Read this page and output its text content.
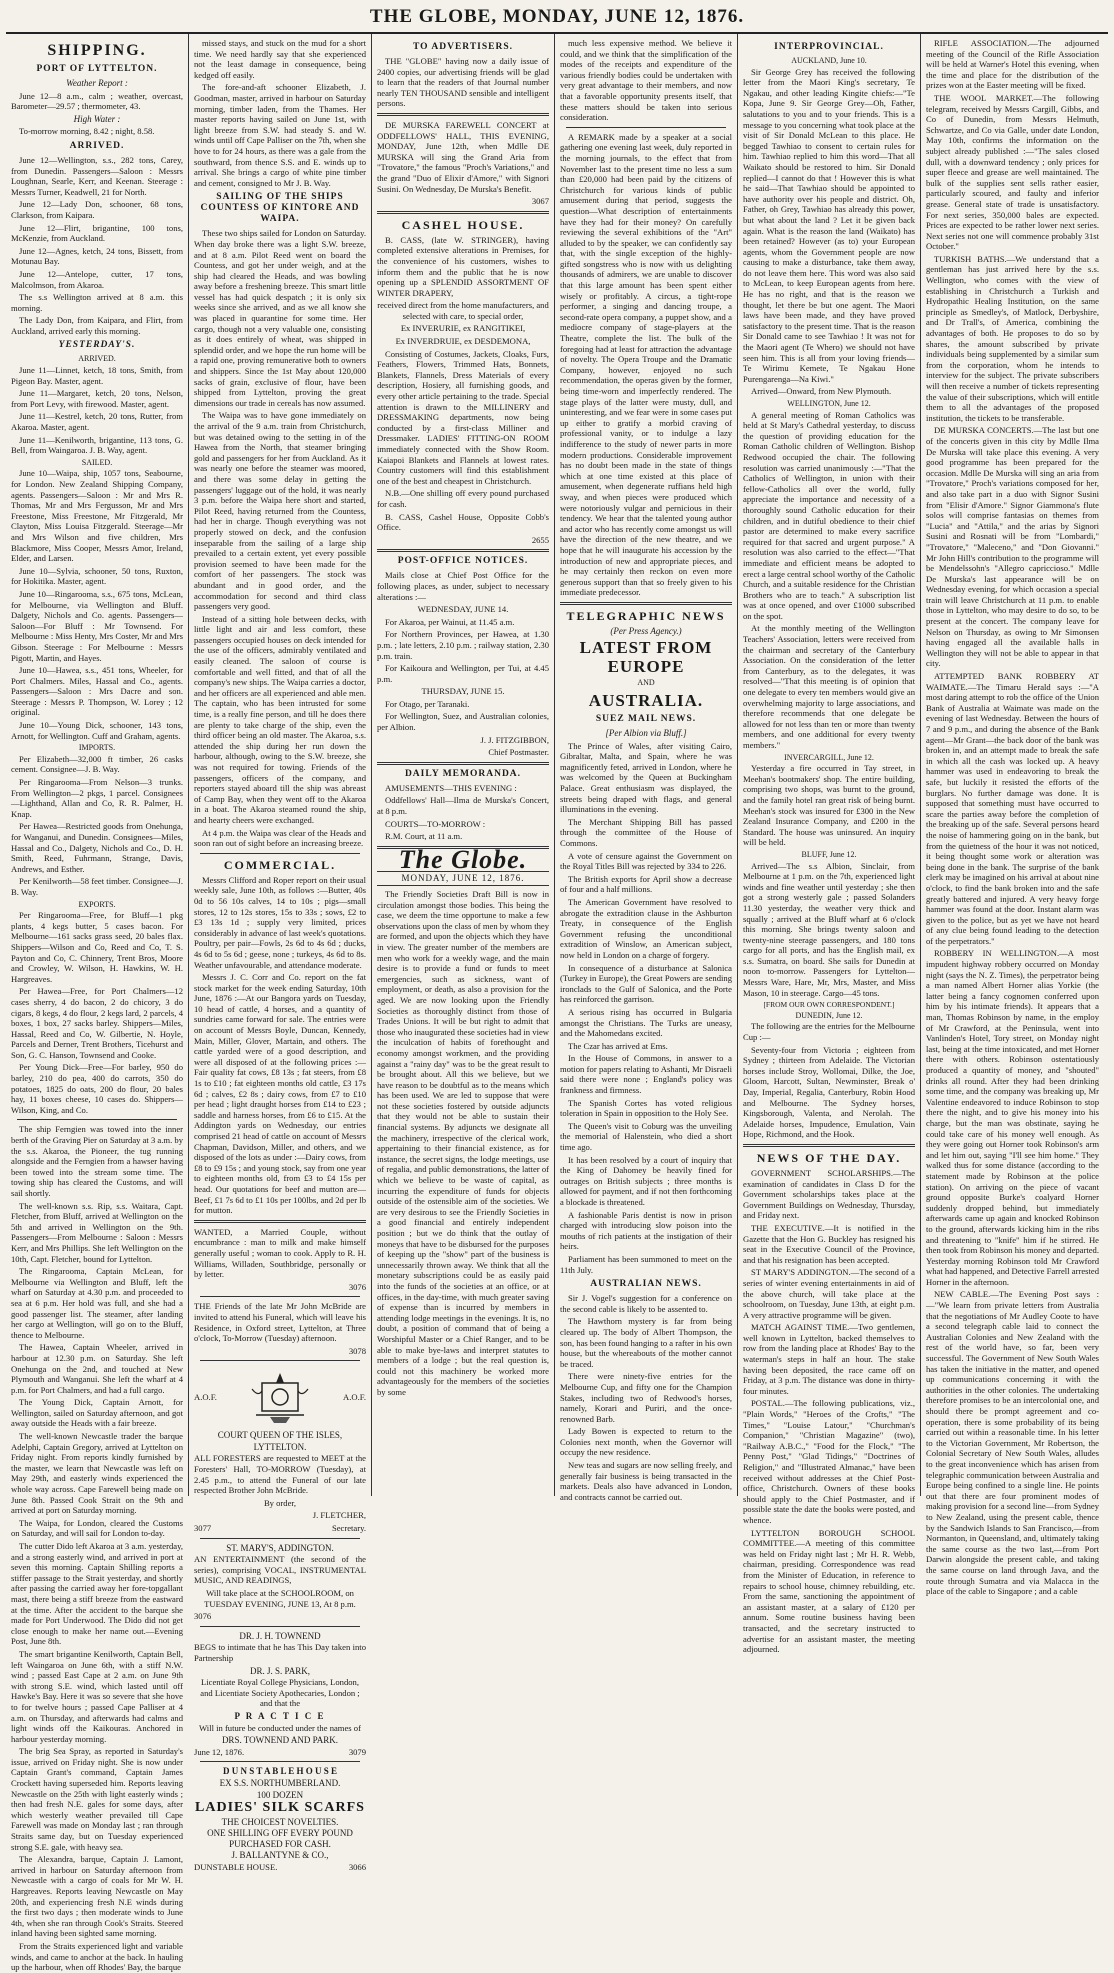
THE GLOBE, MONDAY, JUNE 12, 1876.
SHIPPING.
PORT OF LYTTELTON.
Weather Report :

June 12—8 a.m., calm ; weather, overcast, Barometer—29.57 ; thermometer, 43.

High Water :

To-morrow morning, 8.42 ; night, 8.58.

ARRIVED.

June 12—Wellington, s.s., 282 tons, Carey, from Dunedin. Passengers—Saloon : Messrs Loughnan, Searle, Kerr, and Keenan. Steerage : Messrs Turner, Keadwell, 21 for North.

June 12—Lady Don, schooner, 68 tons, Clarkson, from Kaipara.

June 12—Flirt, brigantine, 100 tons, McKenzie, from Auckland.

June 12—Agnes, ketch, 24 tons, Bissett, from Motunau Bay.

June 12—Antelope, cutter, 17 tons, Malcolmson, from Akaroa.

The s.s Wellington arrived at 8 a.m. this morning.

The Lady Don, from Kaipara, and Flirt, from Auckland, arrived early this morning.

YESTERDAY'S.
ARRIVED.

June 11—Linnet, ketch, 18 tons, Smith, from Pigeon Bay. Master, agent.

June 11—Margaret, ketch, 20 tons, Nelson, from Port Levy, with firewood. Master, agent.

June 11—Kestrel, ketch, 20 tons, Rutter, from Akaroa. Master, agent.

June 11—Kenilworth, brigantine, 113 tons, G. Bell, from Waingaroa. J. B. Way, agent.

SAILED.

June 10—Waipa, ship, 1057 tons, Seabourne, for London. New Zealand Shipping Company, agents. Passengers—Saloon : Mr and Mrs R. Thomas, Mr and Mrs Fergusson, Mr and Mrs Freestone, Miss Freestone, Mr Fitzgerald, Mr Clayton, Miss Louisa Fitzgerald. Steerage—Mr and Mrs Wilson and five children, Mrs Blackmore, Miss Cooper, Messrs Amor, Ireland, Elder, and Larsen.

June 10—Sylvia, schooner, 50 tons, Ruxton, for Hokitika. Master, agent.

June 10—Ringarooma, s.s., 675 tons, McLean, for Melbourne, via Wellington and Bluff. Dalgety, Nichols and Co. agents. Passengers—Saloon—For Bluff : Mr Townsend. For Melbourne : Miss Henty, Mrs Coster, Mr and Mrs Gibson. Steerage : For Melbourne : Messrs Pigott, Martin, and Hayes.

June 10—Hawea, s.s., 451 tons, Wheeler, for Port Chalmers. Miles, Hassal and Co., agents. Passengers—Saloon : Mrs Dacre and son. Steerage : Messrs P. Thompson, W. Lorey ; 12 original.

June 10—Young Dick, schooner, 143 tons, Arnott, for Wellington. Cuff and Graham, agents.

IMPORTS.

Per Elizabeth—32,000 ft timber, 26 casks cement. Consignee—J. B. Way.

Per Ringarooma—From Nelson—3 trunks. From Wellington—2 pkgs, 1 parcel. Consignees—Lighthand, Allan and Co, R. R. Palmer, H. Knap.

Per Hawea—Restricted goods from Onehunga, for Wanganui, and Dunedin. Consignees—Miles, Hassal and Co., Dalgety, Nichols and Co., D. H. Smith, Reed, Fuhrmann, Strange, Davis, Andrews, and Esther.

Per Kenilworth—58 feet timber. Consignee—J. B. Way.

EXPORTS.

Per Ringarooma—Free, for Bluff—1 pkg plants, 4 kegs butter, 5 cases bacon. For Melbourne—161 sacks grass seed, 20 bales flax. Shippers—Wilson and Co, Reed and Co, T. S. Payton and Co, C. Chinnery, Trent Bros, Moore and Crowley, W. Wilson, H. Hawkins, W. H. Hargreaves.

Per Hawea—Free, for Port Chalmers—12 cases sherry, 4 do bacon, 2 do chicory, 3 do cigars, 8 kegs, 4 do flour, 2 kegs lard, 2 parcels, 4 boxes, 1 box, 27 sacks barley. Shippers—Miles, Hassal, Reed and Co, W. Gilbertie, N. Hoyle, Parcels and Derner, Trent Brothers, Ticehurst and Son, G. C. Hanson, Townsend and Cooke.

Per Young Dick—Free—For barley, 950 do barley, 210 do pea, 400 do carrots, 350 do potatoes, 1825 do oats, 200 do flour, 20 bales hay, 11 boxes cheese, 10 cases do. Shippers—Wilson, King, and Co.

The ship Ferngien was towed into the inner berth of the Graving Pier on Saturday at 3 a.m. by the s.s. Akaroa, the Pioneer, the tug running alongside and the Ferngien from a hawser having been towed into the stream some time. The towing ship has cleared the Customs, and will sail shortly.

The well-known s.s. Rip, s.s. Waitara, Capt. Fletcher, from Bluff, arrived at Wellington on the 5th and arrived in Wellington on the 9th. Passengers—From Melbourne : Saloon : Messrs Kerr, and Mrs Phillips. She left Wellington on the 10th, Capt. Fletcher, bound for Lyttelton.

The Ringarooma, Captain McLean, for Melbourne via Wellington and Bluff, left the wharf on Saturday at 4.30 p.m. and proceeded to sea at 6 p.m. Her hold was full, and she had a good passenger list. The steamer, after landing her cargo at Wellington, will go on to the Bluff, thence to Melbourne.

The Hawea, Captain Wheeler, arrived in harbour at 12.30 p.m. on Saturday. She left Onehunga on the 2nd, and touched at New Plymouth and Wanganui. She left the wharf at 4 p.m. for Port Chalmers, and had a full cargo.

The Young Dick, Captain Arnott, for Wellington, sailed on Saturday afternoon, and got away outside the Heads with a fair breeze.

The well-known Newcastle trader the barque Adelphi, Captain Gregory, arrived at Lyttelton on Friday night. From reports kindly furnished by the master, we learn that Newcastle was left on May 29th, and easterly winds experienced the whole way across. Cape Farewell being made on June 8th. Passed Cook Strait on the 9th and arrived at port on Saturday morning.

The Waipa, for London, cleared the Customs on Saturday, and will sail for London to-day.

The cutter Dido left Akaroa at 3 a.m. yesterday, and a strong easterly wind, and arrived in port at seven this morning. Captain Shilling reports a stiffer passage to the Strait yesterday, and shortly after passing the carried away her fore-topgallant mast, there being a stiff breeze from the eastward at the time. After the accident to the barque she made for Port Underwood. The Dido did not get close enough to make her name out.—Evening Post, June 8th.

The smart brigantine Kenilworth, Captain Bell, left Waingaroa on June 6th, with a stiff N.W. wind ; passed East Cape at 2 a.m. on June 9th with strong S.E. wind, which lasted until off Hawke's Bay. Here it was so severe that she hove to for twelve hours ; passed Cape Palliser at 4 a.m. on Thursday, and afterwards had calms and light winds off the Kaikouras. Anchored in harbour yesterday morning.

The brig Sea Spray, as reported in Saturday's issue, arrived on Friday night. She is now under Captain Grant's command, Captain James Crockett having superseded him. Reports leaving Newcastle on the 25th with light easterly winds ; then had fresh N.E. gales for some days, after which westerly weather prevailed till Cape Farewell was made on Monday last ; ran through Straits same day, but on Tuesday experienced strong S.E. gale, with heavy sea.

The Alexandra, barque, Captain J. Lamont, arrived in harbour on Saturday afternoon from Newcastle with a cargo of coals for Mr W. H. Hargreaves. Reports leaving Newcastle on May 20th, and experiencing fresh N.E winds during the first two days ; then moderate winds to June 4th, when she ran through Cook's Straits. Steered inland having been sighted same morning.

From the Straits experienced light and variable winds, and came to anchor at the back. In hauling up the harbour, when off Rhodes' Bay, the barque

missed stays, and stuck on the mud for a short time. We need hardly say that she experienced not the least damage in consequence, being kedged off easily.

The fore-and-aft schooner Elizabeth, J. Goodman, master, arrived in harbour on Saturday morning, timber laden, from the Thames. Her master reports having sailed on June 1st, with light breeze from S.W. had steady S. and W. winds until off Cape Palliser on the 7th, when she hove to for 24 hours, as there was a gale from the southward, from thence S.S. and E. winds up to arrival. She brings a cargo of white pine timber and cement, consigned to Mr J. B. Way.

SAILING OF THE SHIPS COUNTESS OF KINTORE AND WAIPA.

These two ships sailed for London on Saturday. When day broke there was a light S.W. breeze, and at 8 a.m. Pilot Reed went on board the Countess, and got her under weigh, and at the ship had cleared the Heads, and was bowling away before a freshening breeze. This smart little vessel has had quick despatch ; it is only six weeks since she arrived, and as we all know she was placed in quarantine for some time. Her cargo, though not a very valuable one, consisting as it does entirely of wheat, was shipped in splendid order, and we hope the run home will be a rapid one, proving remunerative both to owners and shippers. Since the 1st May about 120,000 sacks of grain, exclusive of flour, have been shipped from Lyttelton, proving the great dimensions our trade in cereals has now assumed.

The Waipa was to have gone immediately on the arrival of the 9 a.m. train from Christchurch, but was detained owing to the setting in of the Hawea from the North, that steamer bringing gold and passengers for her from Auckland. As it was nearly one before the steamer was moored, and there was some delay in getting the passengers' luggage out of the hold, it was nearly 3 p.m. before the Waipa here short and started, Pilot Reed, having returned from the Countess, had her in charge. Though everything was not properly stowed on deck, and the confusion inseparable from the sailing of a large ship prevailed to a certain extent, yet every possible provision seemed to have been made for the comfort of her passengers. The stock was abundant and in good order, and the accommodation for second and third class passengers very good.

Instead of a sitting hole between decks, with little light and air and less comfort, these passengers occupied houses on deck intended for the use of the officers, admirably ventilated and easily cleaned. The saloon of course is comfortable and well fitted, and that of all the company's new ships. The Waipa carries a doctor, and her officers are all experienced and able men. The captain, who has been intrusted for some time, is a really fine person, and till he does there are plenty to take charge of the ship, even the third officer being an old master. The Akaroa, s.s. attended the ship during her run down the harbour, although, owing to the S.W. breeze, she was not required for towing. Friends of the passengers, officers of the company, and reporters stayed aboard till the ship was abreast of Camp Bay, when they went off to the Akaroa in a boat. The Akaroa steamed round the ship, and hearty cheers were exchanged.

At 4 p.m. the Waipa was clear of the Heads and soon ran out of sight before an increasing breeze.

COMMERCIAL.

Messrs Clifford and Roper report on their usual weekly sale, June 10th, as follows :—Butter, 40s 0d to 56 10s calves, 14 to 10s ; pigs—small stores, 12 to 12s stores, 15s to 33s ; sows, £2 to £3 13s 1d ; supply very limited, prices considerably in advance of last week's quotations. Poultry, per pair—Fowls, 2s 6d to 4s 6d ; ducks, 4s 6d to 5s 6d ; geese, none ; turkeys, 4s 6d to 8s. Weather unfavourable, and attendance moderate.

Messrs J. C. Corr and Co. report on the fat stock market for the week ending Saturday, 10th June, 1876 :—At our Bangora yards on Tuesday, 10 head of cattle, 4 horses, and a quantity of sundries came forward for sale. The entries were on account of Messrs Boyle, Duncan, Kennedy, Main, Miller, Glover, Martain, and others. The cattle yarded were of a good description, and were all disposed of at the following prices :—Fair quality fat cows, £8 13s ; fat steers, from £8 1s to £10 ; fat eighteen months old cattle, £3 17s 6d ; calves, £2 8s ; dairy cows, from £7 to £10 per head ; light draught horses from £14 to £23 ; saddle and harness horses, from £6 to £15. At the Addington yards on Wednesday, our entries comprised 21 head of cattle on account of Messrs Chapman, Davidson, Miller, and others, and we disposed of the lots as under :—Dairy cows, from £8 to £9 15s ; and young stock, say from one year to eighteen months old, from £3 to £4 15s per head. Our quotations for beef and mutton are—Beef, £1 7s 6d to £1 10s per 100lbs, and 2d per lb for mutton.

WANTED, a Married Couple, without encumbrance : man to milk and make himself generally useful ; woman to cook. Apply to R. H. Williams, Willaden, Southbridge, personally or by letter.

3076

THE Friends of the late Mr John McBride are invited to attend his Funeral, which will leave his Residence, in Oxford street, Lyttelton, at Three o'clock, To-Morrow (Tuesday) afternoon.

3078

A.O.F.	A.O.F.
COURT QUEEN OF THE ISLES,
LYTTELTON.

ALL FORESTERS are requested to MEET at the Foresters' Hall, TO-MORROW (Tuesday), at 2.45 p.m., to attend the Funeral of our late respected Brother John McBride.

By order,

J. FLETCHER,

3077	Secretary.
ST. MARY'S, ADDINGTON.

AN ENTERTAINMENT (the second of the series), comprising VOCAL, INSTRUMENTAL MUSIC, AND READINGS,

Will take place at the SCHOOLROOM, on TUESDAY EVENING, JUNE 13, At 8 p.m.

3076

DR. J. H. TOWNEND

BEGS to intimate that he has This Day taken into Partnership

DR. J. S. PARK,

Licentiate Royal College Physicians, London, and Licentiate Society Apothecaries, London ; and that the

P R A C T I C E

Will in future be conducted under the names of

DRS. TOWNEND AND PARK.
June 12, 1876.	3079
D U N S T A B L E H O U S E
EX S.S. NORTHUMBERLAND.
100 DOZEN
LADIES' SILK SCARFS
THE CHOICEST NOVELTIES.
ONE SHILLING OFF EVERY POUND PURCHASED FOR CASH.
J. BALLANTYNE & CO.,
DUNSTABLE HOUSE.	3066
TO ADVERTISERS.

THE "GLOBE" having now a daily issue of 2400 copies, our advertising friends will be glad to learn that the readers of that Journal number nearly TEN THOUSAND sensible and intelligent persons.

DE MURSKA FAREWELL CONCERT at ODDFELLOWS' HALL, THIS EVENING, MONDAY, June 12th, when Mdlle DE MURSKA will sing the Grand Aria from "Trovatore," the famous "Proch's Variations," and the grand "Duo of Elixir d'Amore," with Signori Susini. On Wednesday, De Murska's Benefit.

3067

CASHEL HOUSE.

B. CASS, (late W. STRINGER), having completed extensive alterations in Premises, for the convenience of his customers, wishes to inform them and the public that he is now opening up a SPLENDID ASSORTMENT OF WINTER DRAPERY,

received direct from the home manufacturers, and selected with care, to special order,

Ex INVERURIE, ex RANGITIKEI,

Ex INVERDRUIE, ex DESDEMONA,

Consisting of Costumes, Jackets, Cloaks, Furs, Feathers, Flowers, Trimmed Hats, Bonnets, Blankets, Flannels, Dress Materials of every description, Hosiery, all furnishing goods, and every other article pertaining to the trade. Special attention is drawn to the MILLINERY and DRESSMAKING departments, now being conducted by a first-class Milliner and Dressmaker. LADIES' FITTING-ON ROOM immediately connected with the Show Room. Kaiapoi Blankets and Flannels at lowest rates. Country customers will find this establishment one of the best and cheapest in Christchurch.

N.B.—One shilling off every pound purchased for cash.

B. CASS, Cashel House, Opposite Cobb's Office.

2655

POST-OFFICE NOTICES.

Mails close at Chief Post Office for the following places, as under, subject to necessary alterations :—

WEDNESDAY, JUNE 14.

For Akaroa, per Wainui, at 11.45 a.m.

For Northern Provinces, per Hawea, at 1.30 p.m. ; late letters, 2.10 p.m. ; railway station, 2.30 p.m. train.

For Kaikoura and Wellington, per Tui, at 4.45 p.m.

THURSDAY, JUNE 15.

For Otago, per Taranaki.

For Wellington, Suez, and Australian colonies, per Albion.

J. J. FITZGIBBON,

Chief Postmaster.

DAILY MEMORANDA.

AMUSEMENTS—THIS EVENING :

Oddfellows' Hall—Ilma de Murska's Concert, at 8 p.m.

COURTS—TO-MORROW :

R.M. Court, at 11 a.m.

The Globe.
MONDAY, JUNE 12, 1876.

The Friendly Societies Draft Bill is now in circulation amongst those bodies. This being the case, we deem the time opportune to make a few observations upon the class of men by whom they are formed, and upon the objects which they have in view. The greater number of the members are men who work for a weekly wage, and the main desire is to provide a fund or funds to meet emergencies, such as sickness, want of employment, or death, as also a provision for the aged. We are now looking upon the Friendly Societies as thoroughly distinct from those of Trades Unions. It will be but right to admit that those who inaugurated these societies had in view the inculcation of habits of forethought and economy amongst workmen, and the providing against a "rainy day" was to be the great result to be brought about. All this we believe, but we have reason to be doubtful as to the means which has been used. We are led to suppose that were not these societies fostered by outside adjuncts that they would not be able to sustain their financial systems. By adjuncts we designate all the machinery, irrespective of the clerical work, appertaining to their financial existence, as for instance, the secret signs, the lodge meetings, use of regalia, and public demonstrations, the latter of which we believe to be waste of capital, as incurring the expenditure of funds for objects outside of the ostensible aim of the societies. We are very desirous to see the Friendly Societies in a good financial and entirely independent position ; but we do think that the outlay of moneys that have to be disbursed for the purposes of keeping up the "show" part of the business is unnecessarily thrown away. We think that all the monetary subscriptions could be as easily paid into the funds of the societies at an office, or at offices, in the day-time, with much greater saving of expense than is incurred by members in attending lodge meetings in the evenings. It is, no doubt, a position of command that of being a Worshipful Master or a Chief Ranger, and to be able to make bye-laws and interpret statutes to members of a lodge ; but the real question is, could not this machinery be worked more advantageously for the members of the societies by some

much less expensive method. We believe it could, and we think that the simplification of the modes of the receipts and expenditure of the various friendly bodies could be undertaken with very great advantage to their members, and now that a favorable opportunity presents itself, that these matters should be taken into serious consideration.

A REMARK made by a speaker at a social gathering one evening last week, duly reported in the morning journals, to the effect that from November last to the present time no less a sum than £20,000 had been paid by the citizens of Christchurch for various kinds of public amusement during that period, suggests the question—What description of entertainments have they had for their money? On carefully reviewing the several exhibitions of the "Art" alluded to by the speaker, we can confidently say that, with the single exception of the highly-gifted songstress who is now with us delighting thousands of admirers, we are unable to discover that this large amount has been spent either wisely or profitably. A circus, a tight-rope performer, a singing and dancing troupe, a second-rate opera company, a puppet show, and a mediocre company of stage-players at the Theatre, complete the list. The bulk of the foregoing had at least for attraction the advantage of novelty. The Opera Troupe and the Dramatic Company, however, enjoyed no such recommendation, the operas given by the former, being time-worn and imperfectly rendered. The stage plays of the latter were musty, dull, and uninteresting, and we fear were in some cases put up either to gratify a morbid craving of professional vanity, or to indulge a lazy indifference to the study of newer parts in more modern productions. Considerable improvement has no doubt been made in the state of things which at one time existed at this place of amusement, when degenerate ruffians held high sway, and when pieces were produced which were notoriously vulgar and pernicious in their tendency. We hear that the talented young author and actor who has recently come amongst us will have the direction of the new theatre, and we hope that he will inaugurate his accession by the introduction of new and appropriate pieces, and he may certainly then reckon on even more generous support than that so freely given to his immediate predecessor.

TELEGRAPHIC NEWS
(Per Press Agency.)
LATEST FROM EUROPE
AND
AUSTRALIA.
SUEZ MAIL NEWS.
[Per Albion via Bluff.]

The Prince of Wales, after visiting Cairo, Gibraltar, Malta, and Spain, where he was magnificently feted, arrived in London, where he was welcomed by the Queen at Buckingham Palace. Great enthusiasm was displayed, the streets being draped with flags, and general illuminations in the evening.

The Merchant Shipping Bill has passed through the committee of the House of Commons.

A vote of censure against the Government on the Royal Titles Bill was rejected by 334 to 226.

The British exports for April show a decrease of four and a half millions.

The American Government have resolved to abrogate the extradition clause in the Ashburton Treaty, in consequence of the English Government refusing the unconditional extradition of Winslow, an American subject, now held in London on a charge of forgery.

In consequence of a disturbance at Salonica (Turkey in Europe), the Great Powers are sending ironclads to the Gulf of Salonica, and the Porte has reinforced the garrison.

A serious rising has occurred in Bulgaria amongst the Christians. The Turks are uneasy, and the Mahomedans excited.

The Czar has arrived at Ems.

In the House of Commons, in answer to a motion for papers relating to Ashanti, Mr Disraeli said there were none ; England's policy was frankness and firmness.

The Spanish Cortes has voted religious toleration in Spain in opposition to the Holy See.

The Queen's visit to Coburg was the unveiling the memorial of Halenstein, who died a short time ago.

It has been resolved by a court of inquiry that the King of Dahomey be heavily fined for outrages on British subjects ; three months is allowed for payment, and if not then forthcoming a blockade is threatened.

A fashionable Paris dentist is now in prison charged with introducing slow poison into the mouths of rich patients at the instigation of their heirs.

Parliament has been summoned to meet on the 11th July.

AUSTRALIAN NEWS.

Sir J. Vogel's suggestion for a conference on the second cable is likely to be assented to.

The Hawthorn mystery is far from being cleared up. The body of Albert Thompson, the son, has been found hanging to a rafter in his own house, but the whereabouts of the mother cannot be traced.

There were ninety-five entries for the Melbourne Cup, and fifty one for the Champion Stakes, including two of Redwood's horses, namely, Korari and Puriri, and the once-renowned Barb.

Lady Bowen is expected to return to the Colonies next month, when the Governor will occupy the new residence.

New teas and sugars are now selling freely, and generally fair business is being transacted in the markets. Deals also have advanced in London, and contracts cannot be carried out.

INTERPROVINCIAL.
AUCKLAND, June 10.

Sir George Grey has received the following letter from the Maori King's secretary, Te Ngakau, and other leading Kingite chiefs:—"Te Kopa, June 9. Sir George Grey—Oh, Father, salutations to you and to your friends. This is a message to you concerning what took place at the visit of Sir Donald McLean to this place. He begged Tawhiao to consent to certain rules for him. Tawhiao replied to him this word—That all Waikato should be restored to him. Sir Donald replied—I cannot do that ! However this is what he said—That Tawhiao should be appointed to have authority over his people and district. Oh, Father, oh Grey, Tawhiao has already this power, but what about the land ? Let it be given back again. What is the reason the land (Waikato) has been retained? However (as to) your European agents, whom the Government people are now causing to make a disturbance, take them away, do not leave them here. This word was also said to McLean, to keep European agents from here. He has no right, and that is the reason we thought, let there be but one agent. The Maori laws have been made, and they have proved satisfactory to the present time. That is the reason Sir Donald came to see Tawhiao ! It was not for the Maori agent (Te Whero) we should not have seen him. This is all from your loving friends—Te Wirimu Kemete, Te Ngakau Hone Purengarenga—Na Kiwi."

Arrived—Onward, from New Plymouth.

WELLINGTON, June 12.

A general meeting of Roman Catholics was held at St Mary's Cathedral yesterday, to discuss the question of providing education for the Roman Catholic children of Wellington. Bishop Redwood occupied the chair. The following resolution was carried unanimously :—"That the Catholics of Wellington, in union with their fellow-Catholics all over the world, fully appreciate the importance and necessity of a thoroughly sound Catholic education for their children, and in dutiful obedience to their chief pastor are determined to make every sacrifice required for that sacred and urgent purpose." A resolution was also carried to the effect—"That immediate and efficient means be adopted to erect a large central school worthy of the Catholic Church, and a suitable residence for the Christian Brothers who are to teach." A subscription list was at once opened, and over £1000 subscribed on the spot.

At the monthly meeting of the Wellington Teachers' Association, letters were received from the chairman and secretary of the Canterbury Association. On the consideration of the letter from Canterbury, as to the delegates, it was resolved—"That this meeting is of opinion that one delegate to every ten members would give an overwhelming majority to large associations, and therefore recommends that one delegate be allowed for not less than ten or more than twenty members, and one additional for every twenty members."

INVERCARGILL, June 12.

Yesterday a fire occurred in Tay street, in Meehan's bootmakers' shop. The entire building, comprising two shops, was burnt to the ground, and the family hotel ran great risk of being burnt. Meehan's stock was insured for £300 in the New Zealand Insurance Company, and £200 in the Standard. The house was uninsured. An inquiry will be held.

BLUFF, June 12.

Arrived—The s.s Albion, Sinclair, from Melbourne at 1 p.m. on the 7th, experienced light winds and fine weather until yesterday ; she then got a strong westerly gale ; passed Solanders 11.30 yesterday, the weather very thick and squally ; arrived at the Bluff wharf at 6 o'clock this morning. She brings twenty saloon and twenty-nine steerage passengers, and 180 tons cargo for all ports, and has the English mail, ex s.s. Sumatra, on board. She sails for Dunedin at noon to-morrow. Passengers for Lyttelton—Messrs Ware, Hare, Mr, Mrs, Master, and Miss Mason, 10 in steerage. Cargo—45 tons.

[FROM OUR OWN CORRESPONDENT.]
DUNEDIN, June 12.

The following are the entries for the Melbourne Cup :—

Seventy-four from Victoria ; eighteen from Sydney ; thirteen from Adelaide. The Victorian horses include Stroy, Wollomai, Dilke, the Joe, Gloom, Harcott, Sultan, Newminster, Break o' Day, Imperial, Regalia, Canterbury, Robin Hood and Melbourne. The Sydney horses, Kingsborough, Valenta, and Nerolah. The Adelaide horses, Impudence, Emulation, Vain Hope, Richmond, and the Hook.

NEWS OF THE DAY.

GOVERNMENT SCHOLARSHIPS.—The examination of candidates in Class D for the Government scholarships takes place at the Government Buildings on Wednesday, Thursday, and Friday next.

THE EXECUTIVE.—It is notified in the Gazette that the Hon G. Buckley has resigned his seat in the Executive Council of the Province, and that his resignation has been accepted.

ST MARY'S ADDINGTON.—The second of a series of winter evening entertainments in aid of the above church, will take place at the schoolroom, on Tuesday, June 13th, at eight p.m. A very attractive programme will be given.

MATCH AGAINST TIME.—Two gentlemen, well known in Lyttelton, backed themselves to row from the landing place at Rhodes' Bay to the waterman's steps in half an hour. The stake having been deposited, the race came off on Friday, at 3 p.m. The distance was done in thirty-four minutes.

POSTAL.—The following publications, viz., "Plain Words," "Heroes of the Crofts," "The Times," "Louise Latour," "Churchman's Companion," "Christian Magazine" (two), "Railway A.B.C.," "Food for the Flock," "The Penny Post," "Glad Tidings," "Doctrines of Religion," and "Illustrated Almanac," have been received without addresses at the Chief Post-office, Christchurch. Owners of these books should apply to the Chief Postmaster, and if possible state the date the books were posted, and whence.

LYTTELTON BOROUGH SCHOOL COMMITTEE.—A meeting of this committee was held on Friday night last ; Mr H. R. Webb, chairman, presiding. Correspondence was read from the Minister of Education, in reference to repairs to school house, chimney rebuilding, etc. From the same, sanctioning the appointment of an assistant master, at a salary of £120 per annum. Some routine business having been transacted, and the secretary instructed to advertise for an assistant master, the meeting adjourned.

RIFLE ASSOCIATION.—The adjourned meeting of the Council of the Rifle Association will be held at Warner's Hotel this evening, when the time and place for the distribution of the prizes won at the Easter meeting will be fixed.

THE WOOL MARKET.—The following telegram, received by Messrs Cargill, Gibbs, and Co of Dunedin, from Messrs Helmuth, Schwartze, and Co via Galle, under date London, May 10th, confirms the information on the subject already published :—"The sales closed dull, with a downward tendency ; only prices for super fleece and grease are well maintained. The bulk of the supplies sent sells rather easier, particularly scoured, and faulty and inferior grease. General state of trade is unsatisfactory. For next series, 350,000 bales are expected. Prices are expected to be rather lower next series. Next series not one will commence probably 31st October."

TURKISH BATHS.—We understand that a gentleman has just arrived here by the s.s. Wellington, who comes with the view of establishing in Christchurch a Turkish and Hydropathic Healing Institution, on the same principle as Smedley's, of Matlock, Derbyshire, and Dr Trall's, of America, combining the advantages of both. He proposes to do so by shares, the amount subscribed by private individuals being supplemented by a similar sum from the corporation, whom he intends to interview for the subject. The private subscribers will then receive a number of tickets representing the value of their subscriptions, which will entitle them to all the advantages of the proposed institution, the tickets to be transferable.

DE MURSKA CONCERTS.—The last but one of the concerts given in this city by Mdlle Ilma De Murska will take place this evening. A very good programme has been prepared for the occasion. Mdlle De Murska will sing an aria from "Trovatore," Proch's variations composed for her, and also take part in a duo with Signor Susini from "Elisir d'Amore." Signor Giammona's flute solos will comprise fantasias on themes from "Lucia" and "Attila," and the arias by Signori Susini and Rosnati will be from "Lombardi," "Trovatore," "Maleceno," and "Don Giovanni." Mr John Hill's contribution to the programme will be Mendelssohn's "Allegro capriccioso." Mdlle De Murska's last appearance will be on Wednesday evening, for which occasion a special train will leave Christchurch at 11 p.m. to enable those in Lyttelton, who may desire to do so, to be present at the concert. The company leave for Nelson on Thursday, as owing to Mr Simonsen having engaged all the available halls in Wellington they will not be able to appear in that city.

ATTEMPTED BANK ROBBERY AT WAIMATE.—The Timaru Herald says :—"A most daring attempt to rob the office of the Union Bank of Australia at Waimate was made on the evening of last Wednesday. Between the hours of 7 and 9 p.m., and during the absence of the Bank agent—Mr Grant—the back door of the bank was broken in, and an attempt made to break the safe in which all the cash was locked up. A heavy hammer was used in endeavoring to break the safe, but luckily it resisted the efforts of the burglars. No further damage was done. It is supposed that something must have occurred to scare the parties away before the completion of the breaking up of the safe. Several persons heard the noise of hammering going on in the bank, but from the quietness of the hour it was not noticed, it being thought some work or alteration was being done in the bank. The surprise of the bank clerk may be imagined on his arrival at about nine o'clock, to find the bank broken into and the safe greatly battered and injured. A very heavy forge hammer was found at the door. Instant alarm was given to the police, but as yet we have not heard of any clue being found leading to the detection of the perpetrators."

ROBBERY IN WELLINGTON.—A most impudent highway robbery occurred on Monday night (says the N. Z. Times), the perpetrator being a man named Albert Horner alias Yorkie (the latter being a fancy cognomen conferred upon him by his intimate friends). It appears that a man, Thomas Robinson by name, in the employ of Mr Crawford, at the Peninsula, went into Vanlinden's Hotel, Tory street, on Monday night last, being at the time intoxicated, and met Horner there with others. Robinson ostentatiously produced a quantity of money, and "shouted" drinks all round. After they had been drinking some time, and the company was breaking up, Mr Valentine endeavored to induce Robinson to stop there the night, and to give his money into his charge, but the man was obstinate, saying he could take care of his money well enough. As they were going out Horner took Robinson's arm and let him out, saying "I'll see him home." They walked thus for some distance (according to the statement made by Robinson at the police station). On arriving on the piece of vacant ground opposite Burke's coalyard Horner suddenly dropped behind, but immediately afterwards came up again and knocked Robinson to the ground, afterwards kicking him in the ribs and threatening to "knife" him if he stirred. He then took from Robinson his money and departed. Yesterday morning Robinson told Mr Crawford what had happened, and Detective Farrell arrested Horner in the afternoon.

NEW CABLE.—The Evening Post says :—"We learn from private letters from Australia that the negotiations of Mr Audley Coote to have a second telegraph cable laid to connect the Australian Colonies and New Zealand with the rest of the world have, so far, been very successful. The Government of New South Wales has taken the initiative in the matter, and opened up communications concerning it with the authorities in the other colonies. The undertaking therefore promises to be an intercolonial one, and should there be prompt agreement and co-operation, there is some probability of its being carried out within a reasonable time. In his letter to the Victorian Government, Mr Robertson, the Colonial Secretary of New South Wales, alludes to the great inconvenience which has arisen from telegraphic communication between Australia and Europe being confined to a single line. He points out that there are four prominent modes of making provision for a second line—from Sydney to New Zealand, using the present cable, thence by the Sandwich Islands to San Francisco,—from Normanton, in Queensland, and, ultimately taking the same course as the two last,—from Port Darwin alongside the present cable, and taking the same course on land through Java, and the route through Sumatra and via Malacca in the place of the cable to Singapore ; and a cable
